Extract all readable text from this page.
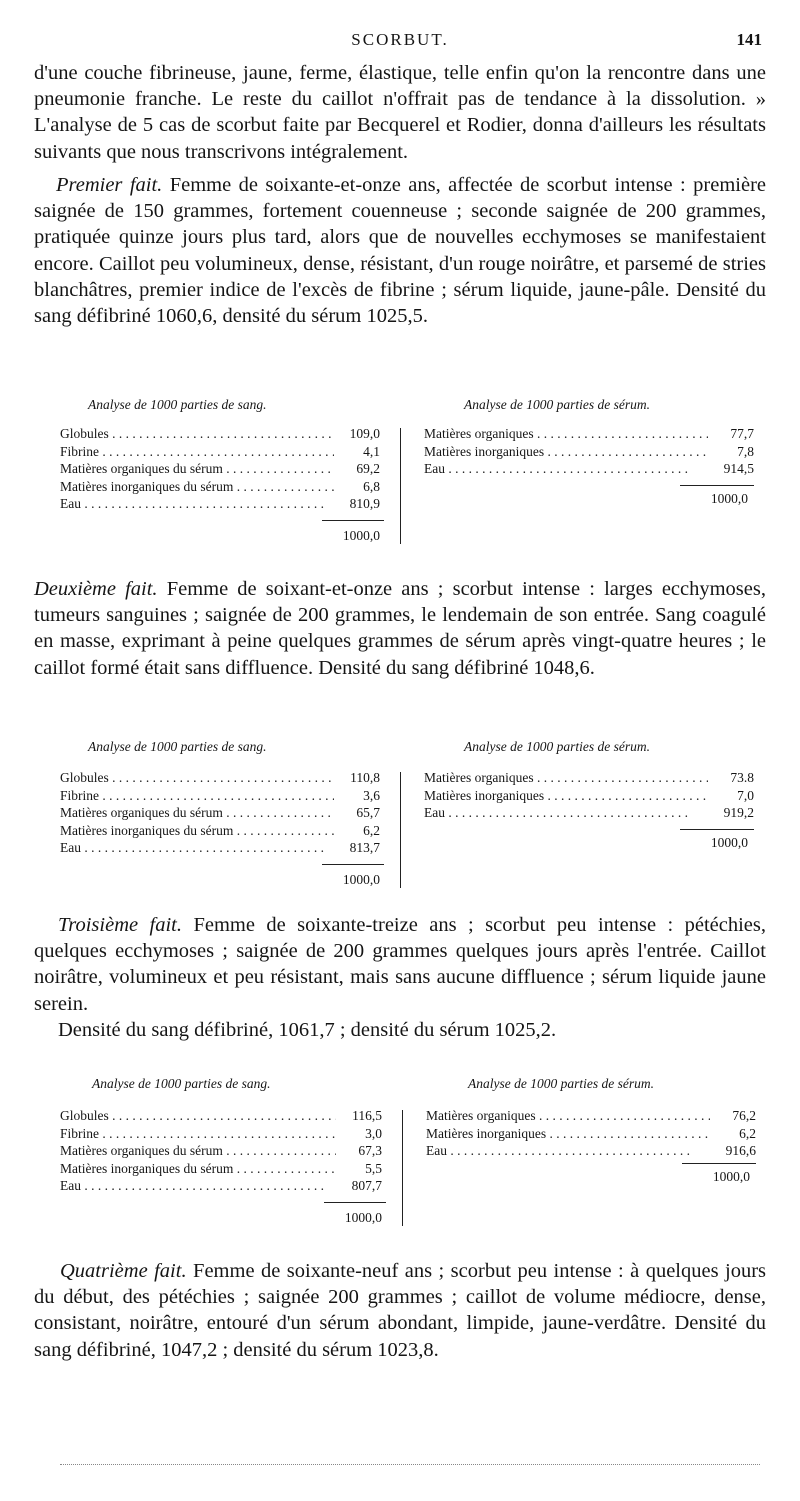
SCORBUT.	141

d'une couche fibrineuse, jaune, ferme, élastique, telle enfin qu'on la rencontre dans une pneumonie franche. Le reste du caillot n'offrait pas de tendance à la dissolution. » L'analyse de 5 cas de scorbut faite par Becquerel et Rodier, donna d'ailleurs les résultats suivants que nous transcrivons intégralement.

Premier fait. Femme de soixante-et-onze ans, affectée de scorbut intense : première saignée de 150 grammes, fortement couenneuse ; seconde saignée de 200 grammes, pratiquée quinze jours plus tard, alors que de nouvelles ecchymoses se manifestaient encore. Caillot peu volumineux, dense, résistant, d'un rouge noirâtre, et parsemé de stries blanchâtres, premier indice de l'excès de fibrine ; sérum liquide, jaune-pâle. Densité du sang défibriné 1060,6, densité du sérum 1025,5.

Analyse de 1000 parties de sang.	Analyse de 1000 parties de sérum.
Globules . . .	109,0
Fibrine . . .	4,1
Matières organiques du sérum . . .	69,2
Matières inorganiques du sérum . . .	6,8
Eau . . .	810,9
1000,0
Matières organiques . . .	77,7
Matières inorganiques . . .	7,8
Eau . . .	914,5
1000,0

Deuxième fait. Femme de soixant-et-onze ans ; scorbut intense : larges ecchymoses, tumeurs sanguines ; saignée de 200 grammes, le lendemain de son entrée. Sang coagulé en masse, exprimant à peine quelques grammes de sérum après vingt-quatre heures ; le caillot formé était sans diffluence. Densité du sang défibriné 1048,6.

Analyse de 1000 parties de sang.	Analyse de 1000 parties de sérum.
Globules . . .	110,8
Fibrine . . .	3,6
Matières organiques du sérum . . .	65,7
Matières inorganiques du sérum . . .	6,2
Eau . . .	813,7
1000,0
Matières organiques . . .	73.8
Matières inorganiques . . .	7,0
Eau . . .	919,2
1000,0

Troisième fait. Femme de soixante-treize ans ; scorbut peu intense : pétéchies, quelques ecchymoses ; saignée de 200 grammes quelques jours après l'entrée. Caillot noirâtre, volumineux et peu résistant, mais sans aucune diffluence ; sérum liquide jaune serein.

Densité du sang défibriné, 1061,7 ; densité du sérum 1025,2.

Analyse de 1000 parties de sang.	Analyse de 1000 parties de sérum.
Globules . . .	116,5
Fibrine . . .	3,0
Matières organiques du sérum . . .	67,3
Matières inorganiques du sérum . . .	5,5
Eau . . .	807,7
1000,0
Matières organiques . . .	76,2
Matières inorganiques . . .	6,2
Eau . . .	916,6
1000,0

Quatrième fait. Femme de soixante-neuf ans ; scorbut peu intense : à quelques jours du début, des pétéchies ; saignée 200 grammes ; caillot de volume médiocre, dense, consistant, noirâtre, entouré d'un sérum abondant, limpide, jaune-verdâtre. Densité du sang défibriné, 1047,2 ; densité du sérum 1023,8.
